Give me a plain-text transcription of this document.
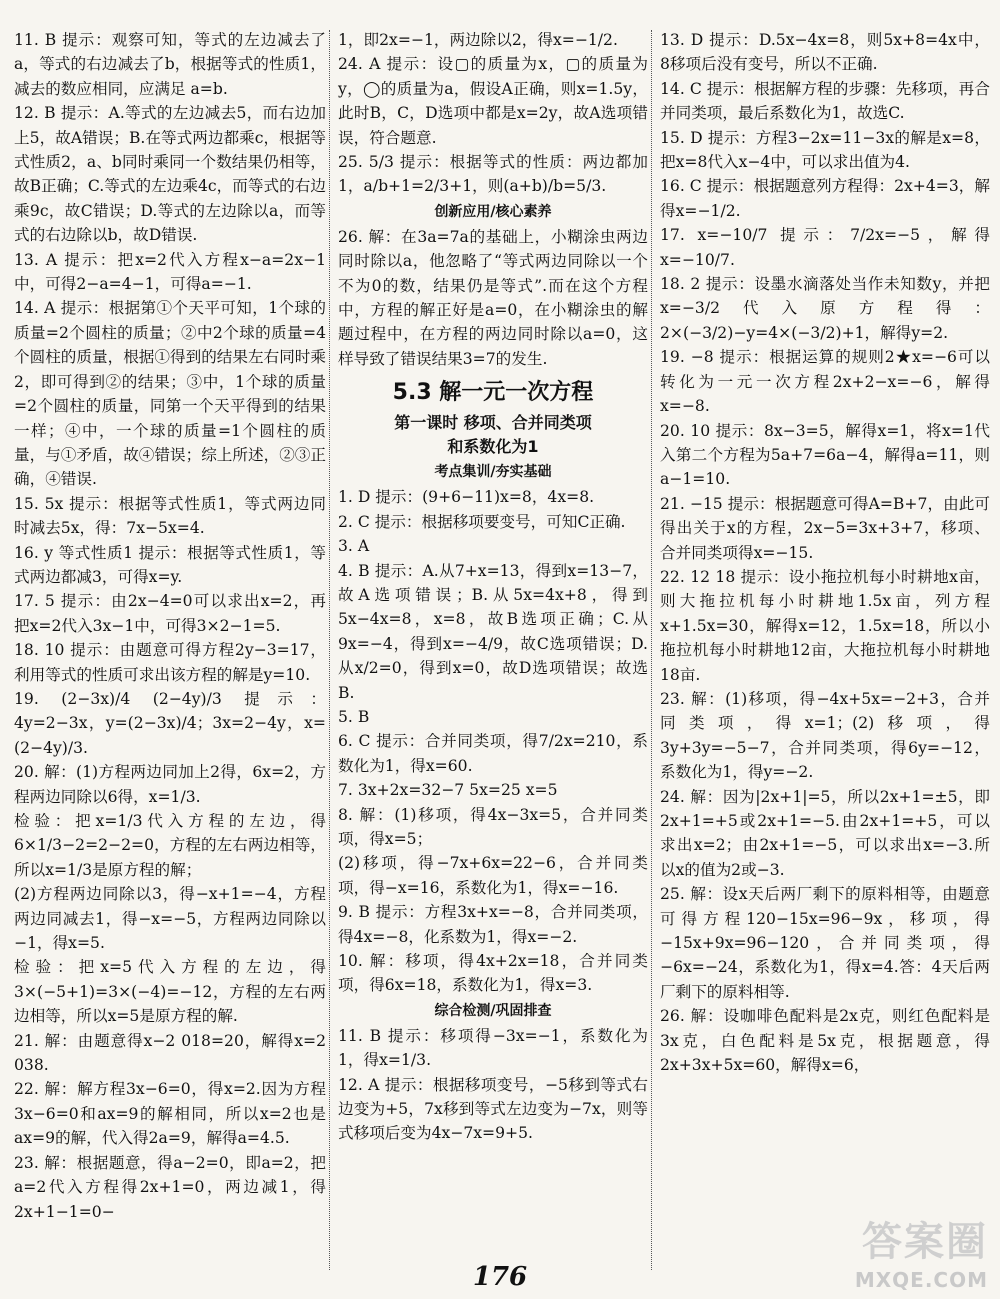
11. B 提示：观察可知，等式的左边减去了a，等式的右边减去了b，根据等式的性质1，减去的数应相同，应满足 a=b.

12. B 提示：A.等式的左边减去5，而右边加上5，故A错误；B.在等式两边都乘c，根据等式性质2，a、b同时乘同一个数结果仍相等，故B正确；C.等式的左边乘4c，而等式的右边乘9c，故C错误；D.等式的左边除以a，而等式的右边除以b，故D错误.

13. A 提示：把x=2代入方程x−a=2x−1中，可得2−a=4−1，可得a=−1.

14. A 提示：根据第①个天平可知，1个球的质量=2个圆柱的质量；②中2个球的质量=4个圆柱的质量，根据①得到的结果左右同时乘2，即可得到②的结果；③中，1个球的质量=2个圆柱的质量，同第一个天平得到的结果一样；④中，一个球的质量=1个圆柱的质量，与①矛盾，故④错误；综上所述，②③正确，④错误.

15. 5x 提示：根据等式性质1，等式两边同时减去5x，得：7x−5x=4.

16. y 等式性质1 提示：根据等式性质1，等式两边都减3，可得x=y.

17. 5 提示：由2x−4=0可以求出x=2，再把x=2代入3x−1中，可得3×2−1=5.

18. 10 提示：由题意可得方程2y−3=17，利用等式的性质可求出该方程的解是y=10.

19. (2−3x)/4 (2−4y)/3 提示：4y=2−3x，y=(2−3x)/4；3x=2−4y，x=(2−4y)/3.

20. 解：(1)方程两边同加上2得，6x=2，方程两边同除以6得，x=1/3.

检验：把x=1/3代入方程的左边，得6×1/3−2=2−2=0，方程的左右两边相等，所以x=1/3是原方程的解；

(2)方程两边同除以3，得−x+1=−4，方程两边同减去1，得−x=−5，方程两边同除以−1，得x=5.

检验：把x=5代入方程的左边，得3×(−5+1)=3×(−4)=−12，方程的左右两边相等，所以x=5是原方程的解.

21. 解：由题意得x−2 018=20，解得x=2 038.

22. 解：解方程3x−6=0，得x=2.因为方程3x−6=0和ax=9的解相同，所以x=2也是ax=9的解，代入得2a=9，解得a=4.5.

23. 解：根据题意，得a−2=0，即a=2，把a=2代入方程得2x+1=0，两边减1，得2x+1−1=0−

1，即2x=−1，两边除以2，得x=−1/2.

24. A 提示：设▢的质量为x，▢的质量为y，◯的质量为a，假设A正确，则x=1.5y，此时B，C，D选项中都是x=2y，故A选项错误，符合题意.

25. 5/3 提示：根据等式的性质：两边都加1，a/b+1=2/3+1，则(a+b)/b=5/3.

创新应用/核心素养

26. 解：在3a=7a的基础上，小糊涂虫两边同时除以a，他忽略了“等式两边同除以一个不为0的数，结果仍是等式”.而在这个方程中，方程的解正好是a=0，在小糊涂虫的解题过程中，在方程的两边同时除以a=0，这样导致了错误结果3=7的发生.

5.3 解一元一次方程
第一课时 移项、合并同类项
和系数化为1
考点集训/夯实基础

1. D 提示：(9+6−11)x=8，4x=8.

2. C 提示：根据移项要变号，可知C正确.

3. A

4. B 提示：A.从7+x=13，得到x=13−7，故A选项错误；B.从5x=4x+8，得到5x−4x=8，x=8，故B选项正确；C.从9x=−4，得到x=−4/9，故C选项错误；D.从x/2=0，得到x=0，故D选项错误；故选B.

5. B

6. C 提示：合并同类项，得7/2x=210，系数化为1，得x=60.

7. 3x+2x=32−7 5x=25 x=5

8. 解：(1)移项，得4x−3x=5，合并同类项，得x=5；

(2)移项，得−7x+6x=22−6，合并同类项，得−x=16，系数化为1，得x=−16.

9. B 提示：方程3x+x=−8，合并同类项，得4x=−8，化系数为1，得x=−2.

10. 解：移项，得4x+2x=18，合并同类项，得6x=18，系数化为1，得x=3.

综合检测/巩固排查

11. B 提示：移项得−3x=−1，系数化为1，得x=1/3.

12. A 提示：根据移项变号，−5移到等式右边变为+5，7x移到等式左边变为−7x，则等式移项后变为4x−7x=9+5.

13. D 提示：D.5x−4x=8，则5x+8=4x中，8移项后没有变号，所以不正确.

14. C 提示：根据解方程的步骤：先移项，再合并同类项，最后系数化为1，故选C.

15. D 提示：方程3−2x=11−3x的解是x=8，把x=8代入x−4中，可以求出值为4.

16. C 提示：根据题意列方程得：2x+4=3，解得x=−1/2.

17. x=−10/7 提示：7/2x=−5，解得x=−10/7.

18. 2 提示：设墨水滴落处当作未知数y，并把x=−3/2代入原方程得：2×(−3/2)−y=4×(−3/2)+1，解得y=2.

19. −8 提示：根据运算的规则2★x=−6可以转化为一元一次方程2x+2−x=−6，解得x=−8.

20. 10 提示：8x−3=5，解得x=1，将x=1代入第二个方程为5a+7=6a−4，解得a=11，则a−1=10.

21. −15 提示：根据题意可得A=B+7，由此可得出关于x的方程，2x−5=3x+3+7，移项、合并同类项得x=−15.

22. 12 18 提示：设小拖拉机每小时耕地x亩，则大拖拉机每小时耕地1.5x亩，列方程x+1.5x=30，解得x=12，1.5x=18，所以小拖拉机每小时耕地12亩，大拖拉机每小时耕地18亩.

23. 解：(1)移项，得−4x+5x=−2+3，合并同类项，得x=1；(2)移项，得3y+3y=−5−7，合并同类项，得6y=−12，系数化为1，得y=−2.

24. 解：因为|2x+1|=5，所以2x+1=±5，即2x+1=+5或2x+1=−5.由2x+1=+5，可以求出x=2；由2x+1=−5，可以求出x=−3.所以x的值为2或−3.

25. 解：设x天后两厂剩下的原料相等，由题意可得方程120−15x=96−9x，移项，得−15x+9x=96−120，合并同类项，得−6x=−24，系数化为1，得x=4.答：4天后两厂剩下的原料相等.

26. 解：设咖啡色配料是2x克，则红色配料是3x克，白色配料是5x克，根据题意，得2x+3x+5x=60，解得x=6，

176
答案圈
MXQE.COM
